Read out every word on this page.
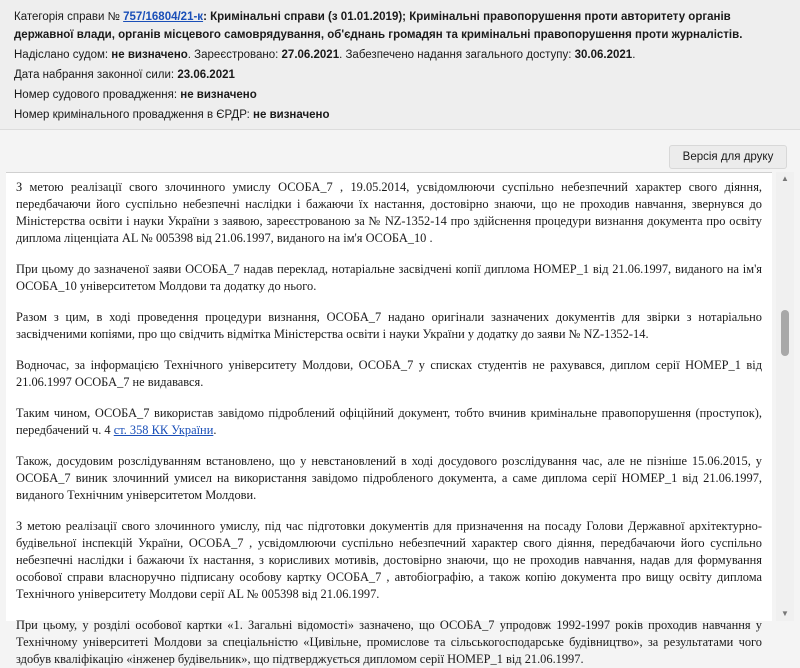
Категорія справи № 757/16804/21-к: Кримінальні справи (з 01.01.2019); Кримінальні правопорушення проти авторитету органів державної влади, органів місцевого самоврядування, об'єднань громадян та кримінальні правопорушення проти журналістів.
Надіслано судом: не визначено. Зареєстровано: 27.06.2021. Забезпечено надання загального доступу: 30.06.2021.
Дата набрання законної сили: 23.06.2021
Номер судового провадження: не визначено
Номер кримінального провадження в ЄРДР: не визначено
Версія для друку

З метою реалізації свого злочинного умислу ОСОБА_7 , 19.05.2014, усвідомлюючи суспільно небезпечний характер свого діяння, передбачаючи його суспільно небезпечні наслідки і бажаючи їх настання, достовірно знаючи, що не проходив навчання, звернувся до Міністерства освіти і науки України з заявою, зареєстрованою за № NZ-1352-14 про здійснення процедури визнання документа про освіту диплома ліценціата AL № 005398 від 21.06.1997, виданого на ім'я ОСОБА_10 .

При цьому до зазначеної заяви ОСОБА_7 надав переклад, нотаріальне засвідчені копії диплома НОМЕР_1 від 21.06.1997, виданого на ім'я ОСОБА_10 університетом Молдови та додатку до нього.

Разом з цим, в ході проведення процедури визнання, ОСОБА_7 надано оригінали зазначених документів для звірки з нотаріально засвідченими копіями, про що свідчить відмітка Міністерства освіти і науки України у додатку до заяви № NZ-1352-14.

Водночас, за інформацією Технічного університету Молдови, ОСОБА_7 у списках студентів не рахувався, диплом серії НОМЕР_1 від 21.06.1997 ОСОБА_7 не видавався.

Таким чином, ОСОБА_7 використав завідомо підроблений офіційний документ, тобто вчинив кримінальне правопорушення (проступок), передбачений ч. 4 ст. 358 КК України.

Також, досудовим розслідуванням встановлено, що у невстановлений в ході досудового розслідування час, але не пізніше 15.06.2015, у ОСОБА_7 виник злочинний умисел на використання завідомо підробленого документа, а саме диплома серії НОМЕР_1 від 21.06.1997, виданого Технічним університетом Молдови.

З метою реалізації свого злочинного умислу, під час підготовки документів для призначення на посаду Голови Державної архітектурно-будівельної інспекцій України, ОСОБА_7 , усвідомлюючи суспільно небезпечний характер свого діяння, передбачаючи його суспільно небезпечні наслідки і бажаючи їх настання, з корисливих мотивів, достовірно знаючи, що не проходив навчання, надав для формування особової справи власноручно підписану особову картку ОСОБА_7 , автобіографію, а також копію документа про вищу освіту диплома Технічного університету Молдови серії AL № 005398 від 21.06.1997.

При цьому, у розділі особової картки «1. Загальні відомості» зазначено, що ОСОБА_7 упродовж 1992-1997 років проходив навчання у Технічному університеті Молдови за спеціальністю «Цивільне, промислове та сільськогосподарське будівництво», за результатами чого здобув кваліфікацію «інженер будівельник», що підтверджується дипломом серії НОМЕР_1 від 21.06.1997.

▲
▼
